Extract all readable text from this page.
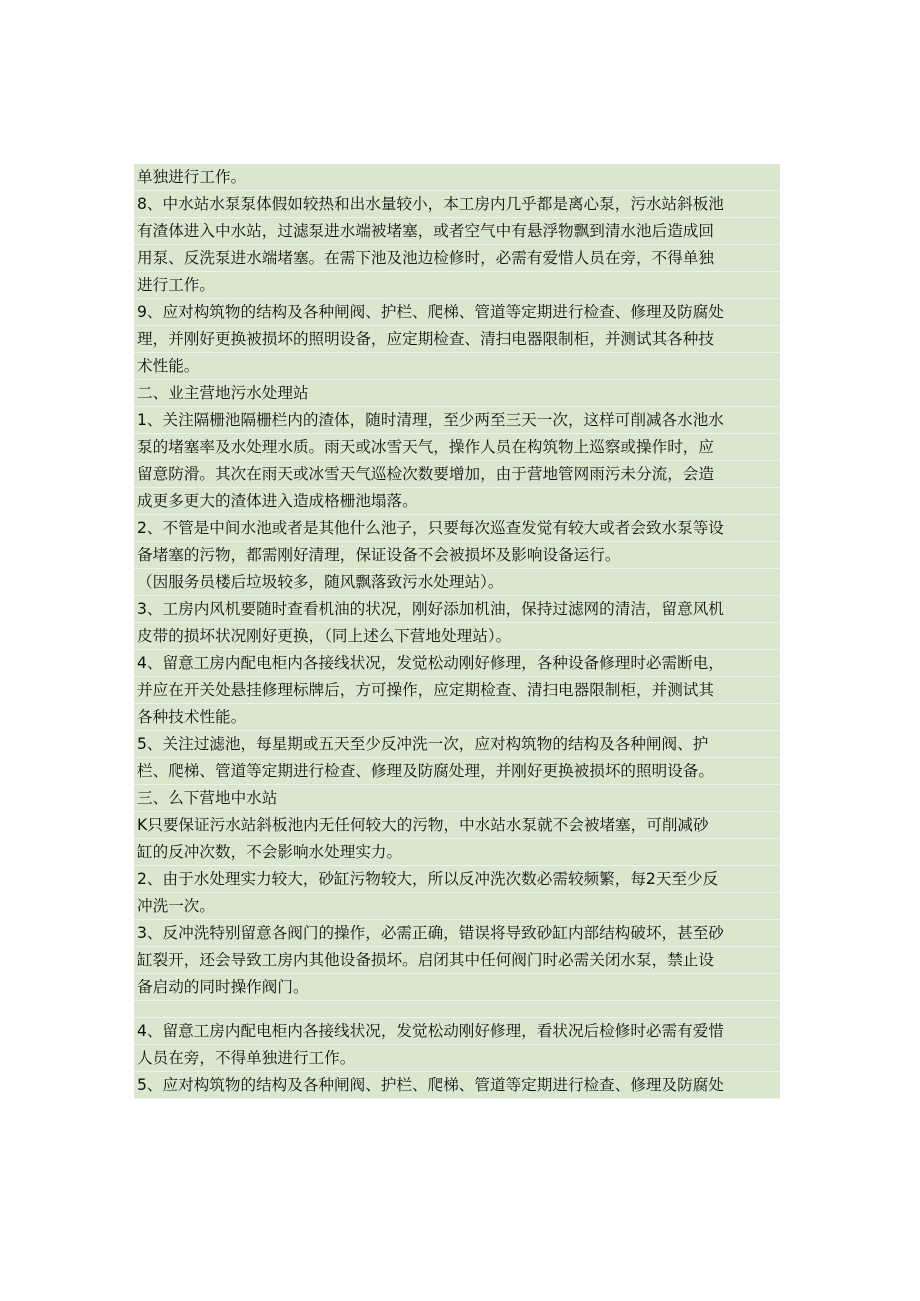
单独进行工作。
8、中水站水泵泵体假如较热和出水量较小，本工房内几乎都是离心泵，污水站斜板池
有渣体进入中水站，过滤泵进水端被堵塞，或者空气中有悬浮物飘到清水池后造成回
用泵、反洗泵进水端堵塞。在需下池及池边检修时，必需有爱惜人员在旁，不得单独
进行工作。
9、应对构筑物的结构及各种闸阀、护栏、爬梯、管道等定期进行检查、修理及防腐处
理，并刚好更换被损坏的照明设备，应定期检查、清扫电器限制柜，并测试其各种技
术性能。
二、业主营地污水处理站
1、关注隔栅池隔栅栏内的渣体，随时清理，至少两至三天一次，这样可削减各水池水
泵的堵塞率及水处理水质。雨天或冰雪天气，操作人员在构筑物上巡察或操作时，应
留意防滑。其次在雨天或冰雪天气巡检次数要增加，由于营地管网雨污未分流，会造
成更多更大的渣体进入造成格栅池塌落。
2、不管是中间水池或者是其他什么池子，只要每次巡查发觉有较大或者会致水泵等设
备堵塞的污物，都需刚好清理，保证设备不会被损坏及影响设备运行。
（因服务员楼后垃圾较多，随风飘落致污水处理站）。
3、工房内风机要随时查看机油的状况，刚好添加机油，保持过滤网的清洁，留意风机
皮带的损坏状况刚好更换，（同上述么下营地处理站）。
4、留意工房内配电柜内各接线状况，发觉松动刚好修理，各种设备修理时必需断电，
并应在开关处悬挂修理标牌后，方可操作，应定期检查、清扫电器限制柜，并测试其
各种技术性能。
5、关注过滤池，每星期或五天至少反冲洗一次，应对构筑物的结构及各种闸阀、护
栏、爬梯、管道等定期进行检查、修理及防腐处理，并刚好更换被损坏的照明设备。
三、么下营地中水站
K只要保证污水站斜板池内无任何较大的污物，中水站水泵就不会被堵塞，可削减砂
缸的反冲次数，不会影响水处理实力。
2、由于水处理实力较大，砂缸污物较大，所以反冲洗次数必需较频繁，每2天至少反
冲洗一次。
3、反冲洗特别留意各阀门的操作，必需正确，错误将导致砂缸内部结构破坏，甚至砂
缸裂开，还会导致工房内其他设备损坏。启闭其中任何阀门时必需关闭水泵，禁止设
备启动的同时操作阀门。
4、留意工房内配电柜内各接线状况，发觉松动刚好修理，看状况后检修时必需有爱惜
人员在旁，不得单独进行工作。
5、应对构筑物的结构及各种闸阀、护栏、爬梯、管道等定期进行检查、修理及防腐处
